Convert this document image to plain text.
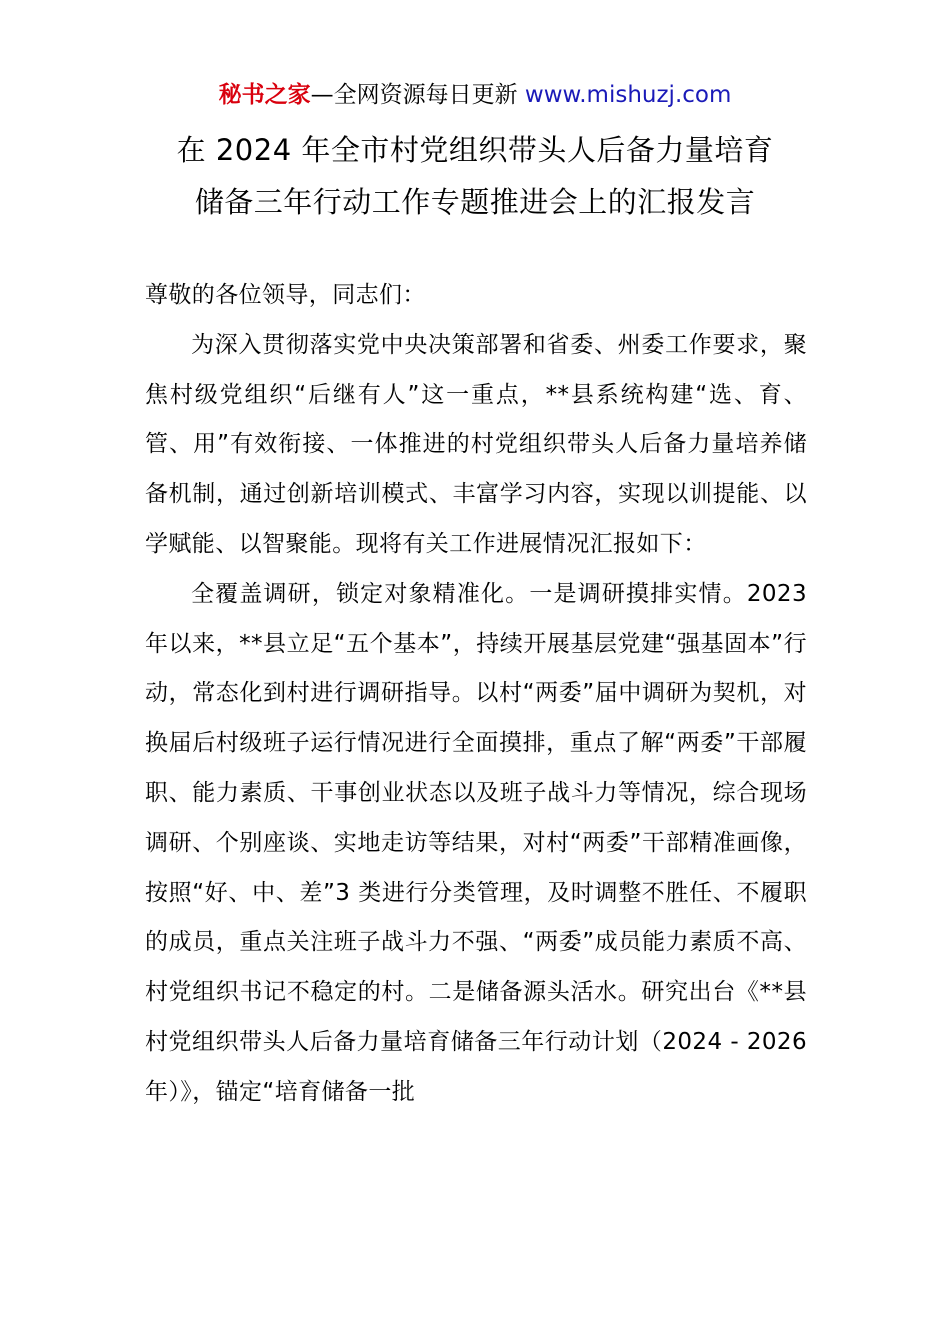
秘书之家—全网资源每日更新 www.mishuzj.com
在 2024 年全市村党组织带头人后备力量培育
储备三年行动工作专题推进会上的汇报发言

尊敬的各位领导，同志们：

为深入贯彻落实党中央决策部署和省委、州委工作要求，聚焦村级党组织“后继有人”这一重点，**县系统构建“选、育、管、用”有效衔接、一体推进的村党组织带头人后备力量培养储备机制，通过创新培训模式、丰富学习内容，实现以训提能、以学赋能、以智聚能。现将有关工作进展情况汇报如下：

全覆盖调研，锁定对象精准化。一是调研摸排实情。2023 年以来，**县立足“五个基本”，持续开展基层党建“强基固本”行动，常态化到村进行调研指导。以村“两委”届中调研为契机，对换届后村级班子运行情况进行全面摸排，重点了解“两委”干部履职、能力素质、干事创业状态以及班子战斗力等情况，综合现场调研、个别座谈、实地走访等结果，对村“两委”干部精准画像，按照“好、中、差”3 类进行分类管理，及时调整不胜任、不履职的成员，重点关注班子战斗力不强、“两委”成员能力素质不高、村党组织书记不稳定的村。二是储备源头活水。研究出台《**县村党组织带头人后备力量培育储备三年行动计划（2024 - 2026 年）》，锚定“培育储备一批
